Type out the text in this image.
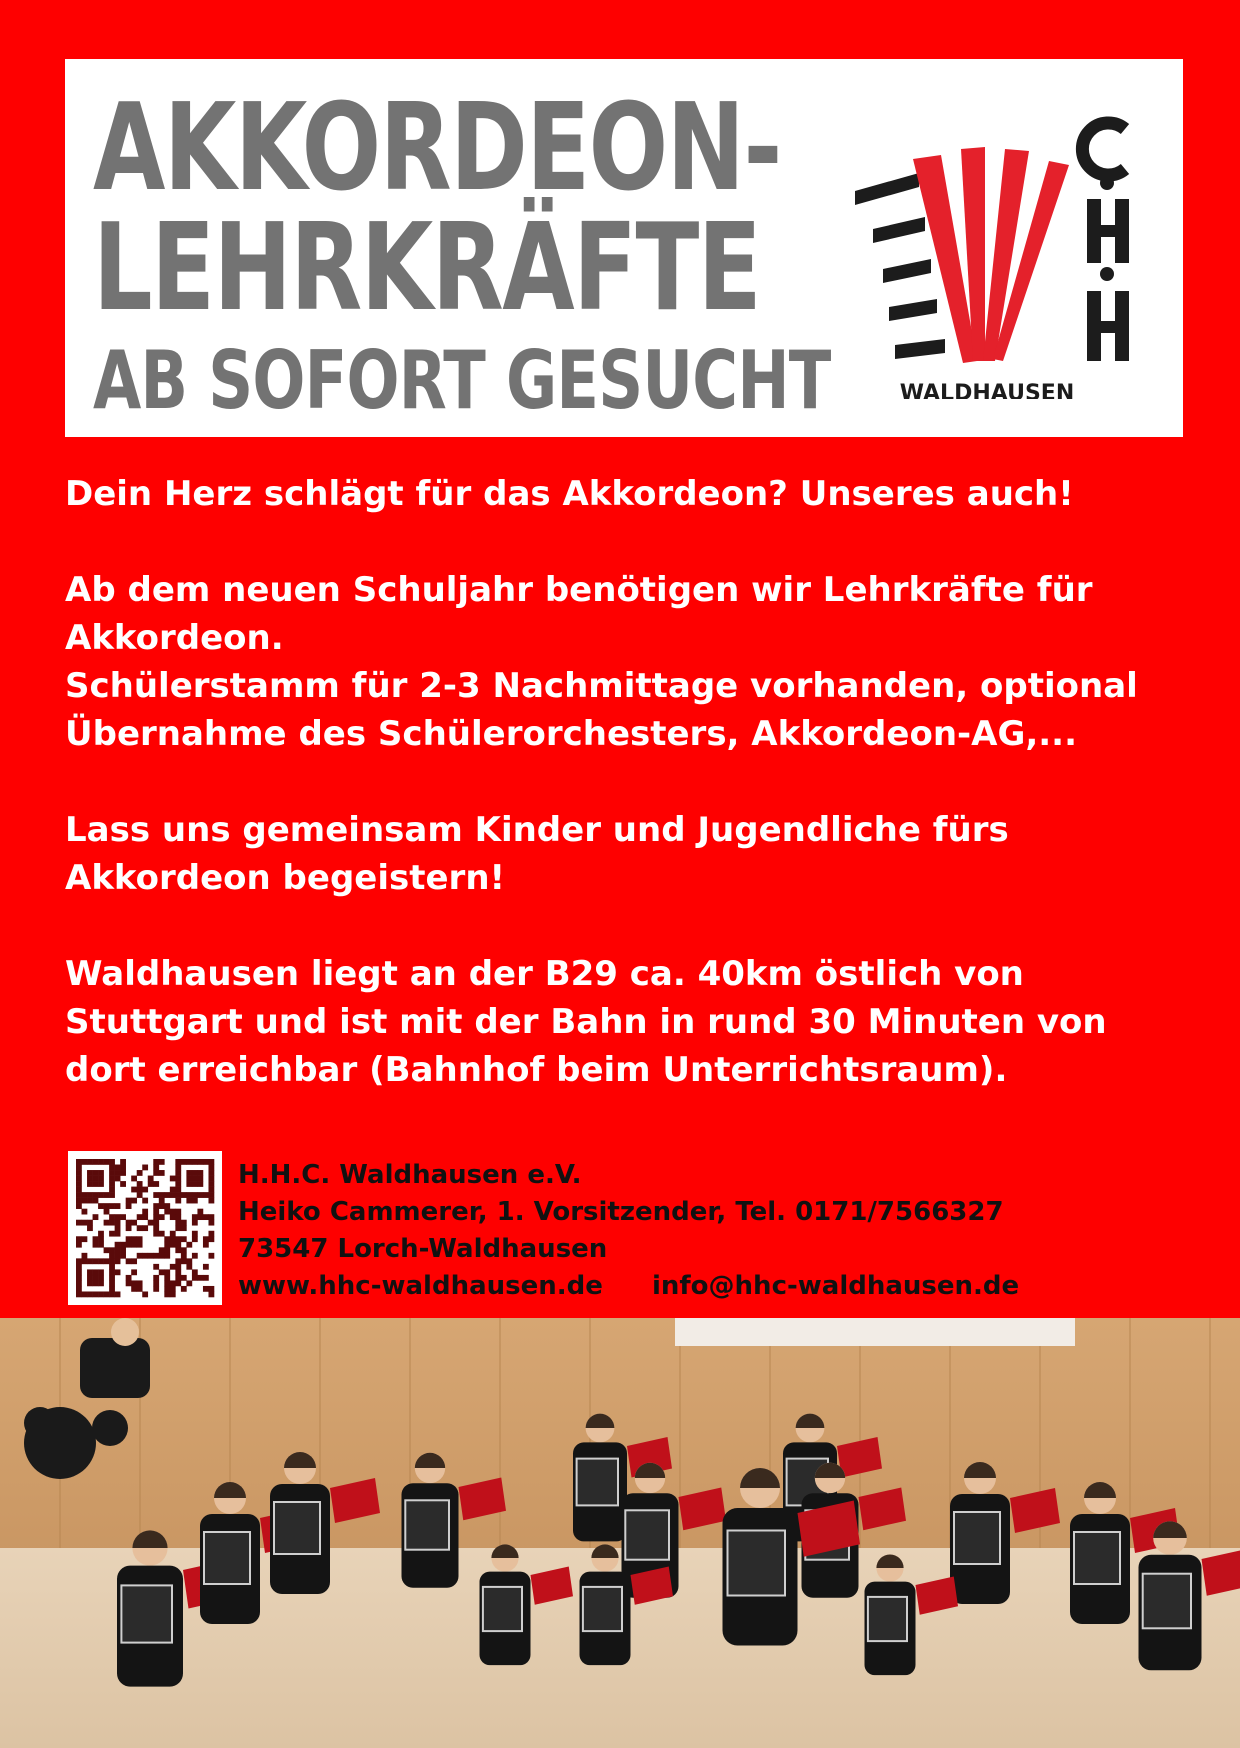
AKKORDEON-
LEHRKRÄFTE
AB SOFORT GESUCHT	WALDHAUSEN

Dein Herz schlägt für das Akkordeon? Unseres auch!

Ab dem neuen Schuljahr benötigen wir Lehrkräfte für
Akkordeon.
Schülerstamm für 2-3 Nachmittage vorhanden, optional
Übernahme des Schülerorchesters, Akkordeon-AG,...

Lass uns gemeinsam Kinder und Jugendliche fürs
Akkordeon begeistern!

Waldhausen liegt an der B29 ca. 40km östlich von
Stuttgart und ist mit der Bahn in rund 30 Minuten von
dort erreichbar (Bahnhof beim Unterrichtsraum).

H.H.C. Waldhausen e.V.
Heiko Cammerer, 1. Vorsitzender, Tel. 0171/7566327
73547 Lorch-Waldhausen
www.hhc-waldhausen.de info@hhc-waldhausen.de
